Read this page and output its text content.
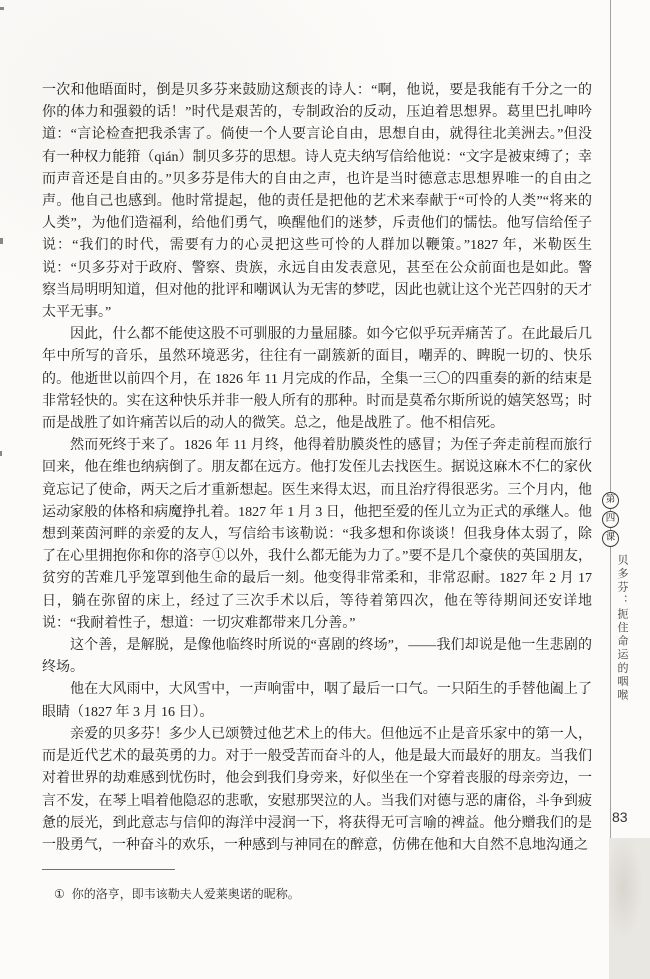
一次和他晤面时，倒是贝多芬来鼓励这颓丧的诗人：“啊，他说，要是我能有千分之一的你的体力和强毅的话！”时代是艰苦的，专制政治的反动，压迫着思想界。葛里巴扎呻吟道：“言论检查把我杀害了。倘使一个人要言论自由，思想自由，就得往北美洲去。”但没有一种权力能箝（qián）制贝多芬的思想。诗人克夫纳写信给他说：“文字是被束缚了；幸而声音还是自由的。”贝多芬是伟大的自由之声，也许是当时德意志思想界唯一的自由之声。他自己也感到。他时常提起，他的责任是把他的艺术来奉献于“可怜的人类”“将来的人类”，为他们造福利，给他们勇气，唤醒他们的迷梦，斥责他们的懦怯。他写信给侄子说：“我们的时代，需要有力的心灵把这些可怜的人群加以鞭策。”1827 年，米勒医生说：“贝多芬对于政府、警察、贵族，永远自由发表意见，甚至在公众前面也是如此。警察当局明明知道，但对他的批评和嘲讽认为无害的梦呓，因此也就让这个光芒四射的天才太平无事。”

因此，什么都不能使这股不可驯服的力量屈膝。如今它似乎玩弄痛苦了。在此最后几年中所写的音乐，虽然环境恶劣，往往有一副簇新的面目，嘲弄的、睥睨一切的、快乐的。他逝世以前四个月，在 1826 年 11 月完成的作品，全集一三〇的四重奏的新的结束是非常轻快的。实在这种快乐并非一般人所有的那种。时而是莫希尔斯所说的嬉笑怒骂；时而是战胜了如许痛苦以后的动人的微笑。总之，他是战胜了。他不相信死。

然而死终于来了。1826 年 11 月终，他得着肋膜炎性的感冒；为侄子奔走前程而旅行回来，他在维也纳病倒了。朋友都在远方。他打发侄儿去找医生。据说这麻木不仁的家伙竟忘记了使命，两天之后才重新想起。医生来得太迟，而且治疗得很恶劣。三个月内，他运动家般的体格和病魔挣扎着。1827 年 1 月 3 日，他把至爱的侄儿立为正式的承继人。他想到莱茵河畔的亲爱的友人，写信给韦该勒说：“我多想和你谈谈！但我身体太弱了，除了在心里拥抱你和你的洛亨①以外，我什么都无能为力了。”要不是几个豪侠的英国朋友，贫穷的苦难几乎笼罩到他生命的最后一刻。他变得非常柔和，非常忍耐。1827 年 2 月 17 日，躺在弥留的床上，经过了三次手术以后，等待着第四次，他在等待期间还安详地说：“我耐着性子，想道：一切灾难都带来几分善。”

这个善，是解脱，是像他临终时所说的“喜剧的终场”，——我们却说是他一生悲剧的终场。

他在大风雨中，大风雪中，一声响雷中，咽了最后一口气。一只陌生的手替他阖上了眼睛（1827 年 3 月 16 日）。

亲爱的贝多芬！多少人已颂赞过他艺术上的伟大。但他远不止是音乐家中的第一人，而是近代艺术的最英勇的力。对于一般受苦而奋斗的人，他是最大而最好的朋友。当我们对着世界的劫难感到忧伤时，他会到我们身旁来，好似坐在一个穿着丧服的母亲旁边，一言不发，在琴上唱着他隐忍的悲歌，安慰那哭泣的人。当我们对德与恶的庸俗，斗争到疲惫的辰光，到此意志与信仰的海洋中浸润一下，将获得无可言喻的裨益。他分赠我们的是一股勇气，一种奋斗的欢乐，一种感到与神同在的醉意，仿佛在他和大自然不息地沟通之

① 你的洛亨，即韦该勒夫人爱莱奥诺的昵称。
第
四
课
贝多芬：扼住命运的咽喉
83
